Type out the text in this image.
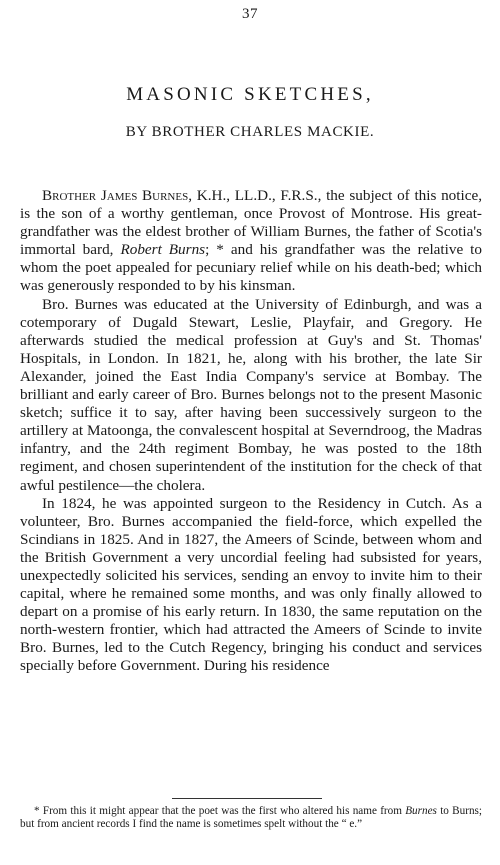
37
MASONIC SKETCHES,
BY BROTHER CHARLES MACKIE.

Brother James Burnes, K.H., LL.D., F.R.S., the subject of this notice, is the son of a worthy gentleman, once Provost of Montrose. His great-grandfather was the eldest brother of William Burnes, the father of Scotia's immortal bard, Robert Burns; * and his grandfather was the relative to whom the poet appealed for pecuniary relief while on his death-bed; which was generously responded to by his kinsman.

Bro. Burnes was educated at the University of Edinburgh, and was a cotemporary of Dugald Stewart, Leslie, Playfair, and Gregory. He afterwards studied the medical profession at Guy's and St. Thomas' Hospitals, in London. In 1821, he, along with his brother, the late Sir Alexander, joined the East India Company's service at Bombay. The brilliant and early career of Bro. Burnes belongs not to the present Masonic sketch; suffice it to say, after having been successively surgeon to the artillery at Matoonga, the convalescent hospital at Severndroog, the Madras infantry, and the 24th regiment Bombay, he was posted to the 18th regiment, and chosen superintendent of the institution for the check of that awful pestilence—the cholera.

In 1824, he was appointed surgeon to the Residency in Cutch. As a volunteer, Bro. Burnes accompanied the field-force, which expelled the Scindians in 1825. And in 1827, the Ameers of Scinde, between whom and the British Government a very uncordial feeling had subsisted for years, unexpectedly solicited his services, sending an envoy to invite him to their capital, where he remained some months, and was only finally allowed to depart on a promise of his early return. In 1830, the same reputation on the north-western frontier, which had attracted the Ameers of Scinde to invite Bro. Burnes, led to the Cutch Regency, bringing his conduct and services specially before Government. During his residence

* From this it might appear that the poet was the first who altered his name from Burnes to Burns; but from ancient records I find the name is sometimes spelt without the “ e.”
